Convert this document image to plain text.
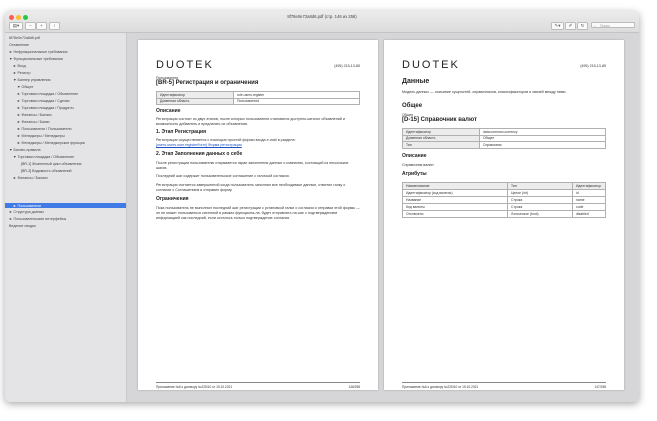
8f78e0e72a8d6.pdf (стр. 146 из 258)
▤▾	−	+	↑	✎▾	✐	↻	⌕ Поиск
8f78e0e72a8d6.pdf
Оглавление
► Нефункциональные требования
▼ Функциональные требования
► Вход
► Регистр
▼ Баннер управления
▼ Общее
► Торговая площадка / Объявление
► Торговая площадка / Сделки
► Торговая площадка / Продукты
► Финансы / Баланс
► Финансы / Банки
► Пользователи / Пользователи
► Менеджеры / Менеджеры
► Менеджеры / Менеджерские функции
▼ Бизнес-правила
▼ Торговая площадка / Объявление
[BR-1] Жизненный цикл объявления
[BR-3] Видимость объявлений
► Финансы / Баланс
► Пользователи
► Структура данных
► Пользовательские интерфейсы
Ведение сводки
DUOTEK	(495) 215-13-85
Пользователи
[BR-5] Регистрация и ограничения
Идентификатор	rule.users.register
Доменная область	Пользователи
Описание
Регистрация состоит из двух этапов, после которых пользователи становятся доступно-каталог объявлений и возможность добавлять и предлагать их объявления.
1. Этап Регистрация
Регистрация осуществляется с помощью простой формы входа e-mail в разделе:
[users.users.user.register/form] Форма регистрации
2. Этап Заполнения данных о себе
После регистрации пользователю открывается экран заполнения данных о компании, состоящий из нескольких шагов.
Последний шаг содержит пользовательское соглашение с галочкой согласия.
Регистрация считается завершенной когда пользователь заполнил все необходимые данные, отметил галку о согласии с Соглашением и отправил форму.
Ограничения
Пока пользователь не выполнил последний шаг регистрации с установкой галки о согласии и отправки этой формы — он не может пользоваться системой в рамках функциона-ла, будет отправлять на шаг с подтверждением информацией как последний, если осталось только подтверждение согласия.
Приложение №6 к договору №225/10 от 15.10.2021	146/258
DUOTEK	(495) 215-13-85
Данные
Модель данных — описание сущностей, справочников, классификаторов и связей между ними.
Общее
Общее
[D-15] Справочник валют
Идентификатор	data.common.currency
Доменная область	Общее
Тип	Справочник
Описание
Справочник валют.
Атрибуты
Наименование	Тип	Идентификатор
Идентификатор (код валюты)	Целое (int)	id
Название	Строка	name
Код валюты	Строка	code
Отключено	Логическое (bool)	disabled
Приложение №6 к договору №225/10 от 15.10.2021	147/258
